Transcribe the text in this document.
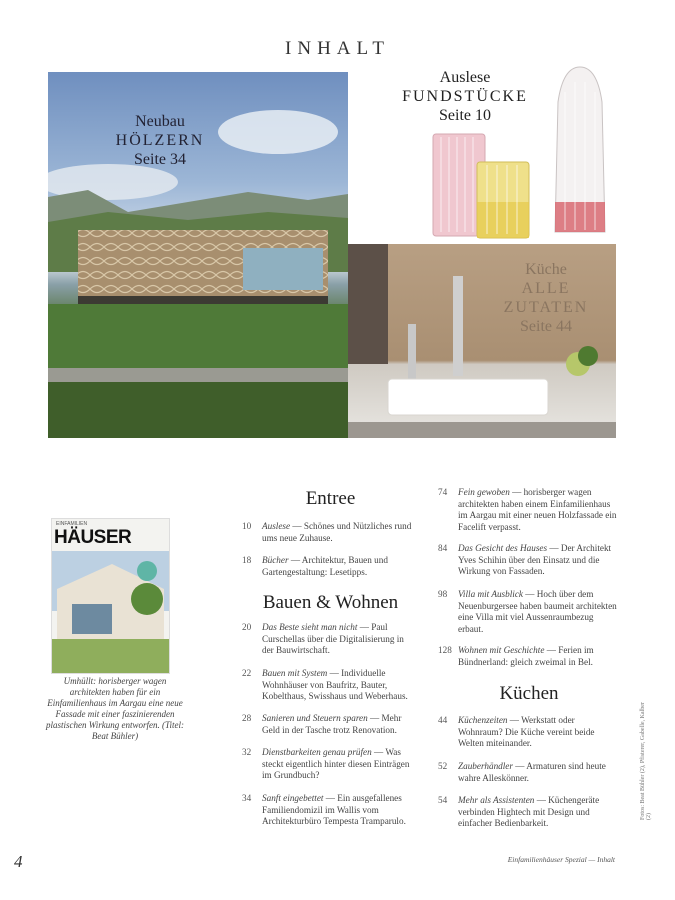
INHALT
Neubau
HÖLZERN
Seite 34
Auslese
FUNDSTÜCKE
Seite 10
Küche
ALLE
ZUTATEN
Seite 44
EINFAMILIEN
HÄUSER
Umhüllt: horisberger wagen architekten haben für ein Einfamilienhaus im Aargau eine neue Fassade mit einer faszinierenden plastischen Wirkung entworfen. (Titel: Beat Bühler)
Entree
10	Auslese — Schönes und Nützliches rund ums neue Zuhause.
18	Bücher — Architektur, Bauen und Gartengestaltung: Lesetipps.
Bauen & Wohnen
20	Das Beste sieht man nicht — Paul Curschellas über die Digitalisierung in der Bauwirtschaft.
22	Bauen mit System — Individuelle Wohnhäuser von Baufritz, Bauter, Kobelthaus, Swisshaus und Weberhaus.
28	Sanieren und Steuern sparen — Mehr Geld in der Tasche trotz Renovation.
32	Dienstbarkeiten genau prüfen — Was steckt eigentlich hinter diesen Einträgen im Grundbuch?
34	Sanft eingebettet — Ein ausgefallenes Familiendomizil im Wallis vom Architekturbüro Tempesta Tramparulo.
74	Fein gewoben — horisberger wagen architekten haben einem Einfamilienhaus im Aargau mit einer neuen Holzfassade ein Facelift verpasst.
84	Das Gesicht des Hauses — Der Architekt Yves Schihin über den Einsatz und die Wirkung von Fassaden.
98	Villa mit Ausblick — Hoch über dem Neuenburgersee haben baumeit architekten eine Villa mit viel Aussenraumbezug erbaut.
128 Wohnen mit Geschichte — Ferien im Bündnerland: gleich zweimal in Bel.
Küchen
44	Küchenzeiten — Werkstatt oder Wohnraum? Die Küche vereint beide Welten miteinander.
52	Zauberhändler — Armaturen sind heute wahre Alleskönner.
54	Mehr als Assistenten — Küchengeräte verbinden Hightech mit Design und einfacher Bedienbarkeit.
Fotos: Beat Bühler (2), Pfisterer, Gabelle, Kalber (2)
4	Einfamilienhäuser Spezial — Inhalt
